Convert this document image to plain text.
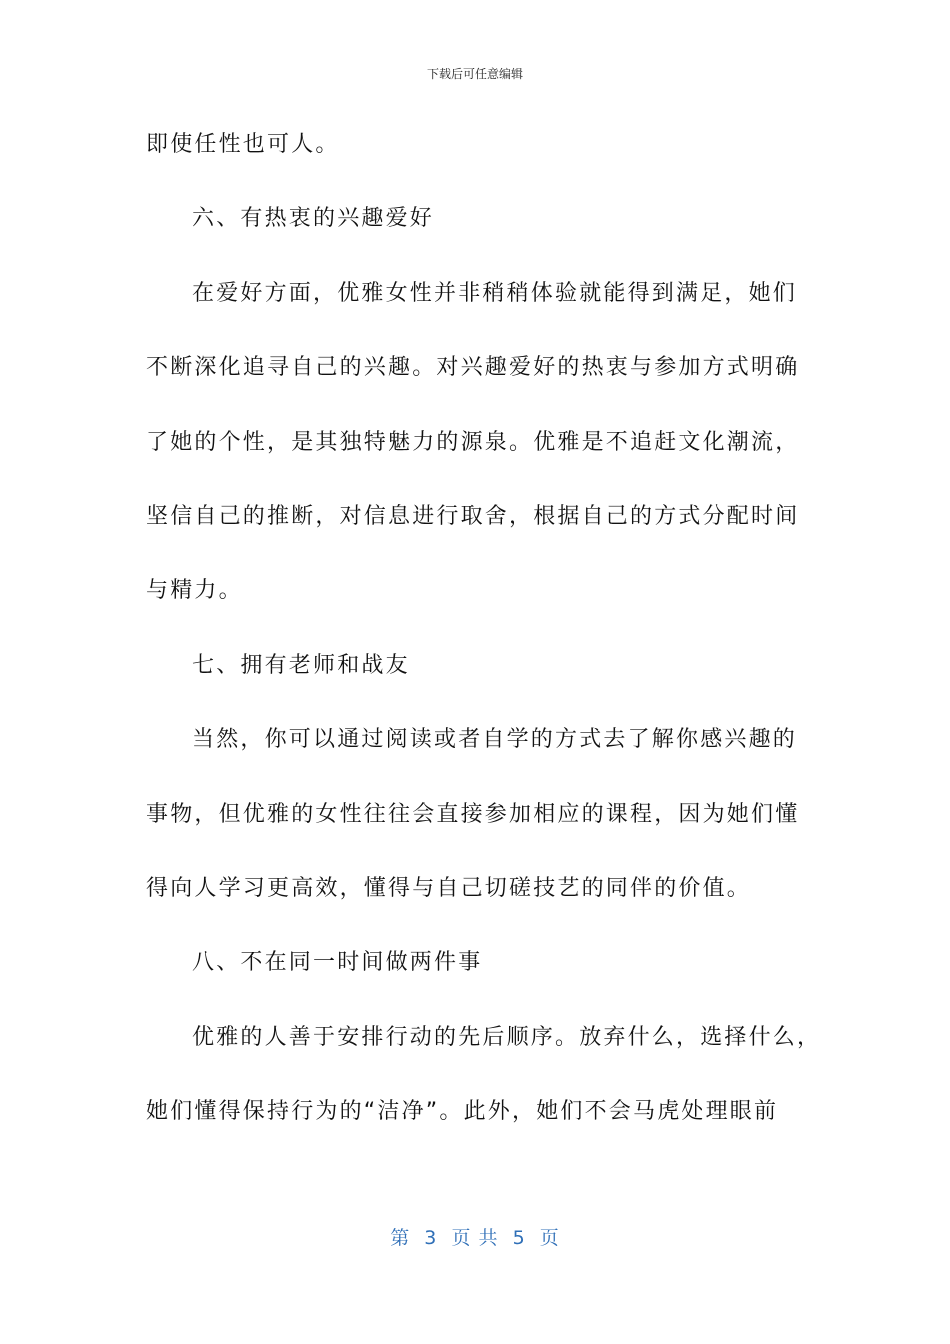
下载后可任意编辑
即使任性也可人。
六、有热衷的兴趣爱好
在爱好方面，优雅女性并非稍稍体验就能得到满足，她们
不断深化追寻自己的兴趣。对兴趣爱好的热衷与参加方式明确
了她的个性，是其独特魅力的源泉。优雅是不追赶文化潮流，
坚信自己的推断，对信息进行取舍，根据自己的方式分配时间
与精力。
七、拥有老师和战友
当然，你可以通过阅读或者自学的方式去了解你感兴趣的
事物，但优雅的女性往往会直接参加相应的课程，因为她们懂
得向人学习更高效，懂得与自己切磋技艺的同伴的价值。
八、不在同一时间做两件事
优雅的人善于安排行动的先后顺序。放弃什么，选择什么，
她们懂得保持行为的“洁净”。此外，她们不会马虎处理眼前
第  3  页 共  5  页
